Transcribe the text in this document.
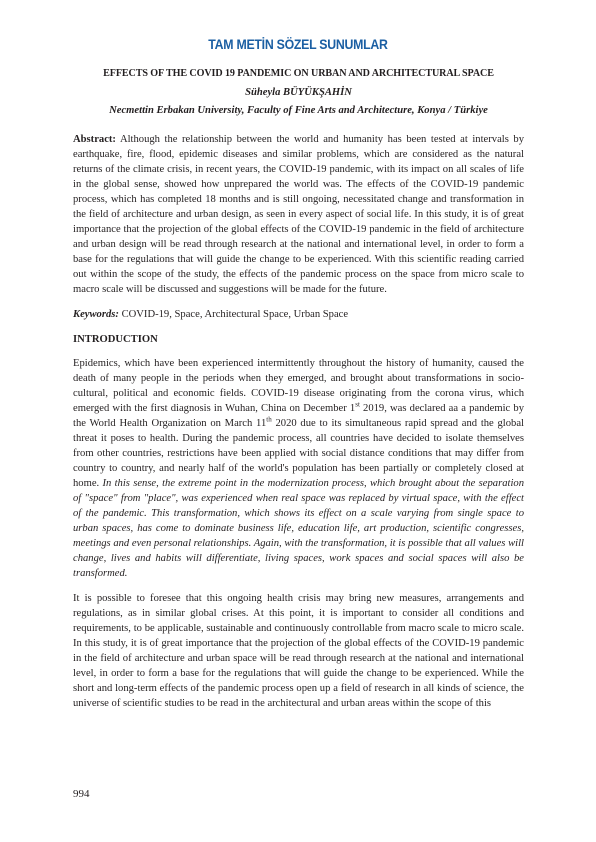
TAM METİN SÖZEL SUNUMLAR
EFFECTS OF THE COVID 19 PANDEMIC ON URBAN AND ARCHITECTURAL SPACE
Süheyla BÜYÜKŞAHİN
Necmettin Erbakan University, Faculty of Fine Arts and Architecture, Konya / Türkiye

Abstract: Although the relationship between the world and humanity has been tested at intervals by earthquake, fire, flood, epidemic diseases and similar problems, which are considered as the natural returns of the climate crisis, in recent years, the COVID-19 pandemic, with its impact on all scales of life in the global sense, showed how unprepared the world was. The effects of the COVID-19 pandemic process, which has completed 18 months and is still ongoing, necessitated change and transformation in the field of architecture and urban design, as seen in every aspect of social life. In this study, it is of great importance that the projection of the global effects of the COVID-19 pandemic in the field of architecture and urban design will be read through research at the national and international level, in order to form a base for the regulations that will guide the change to be experienced. With this scientific reading carried out within the scope of the study, the effects of the pandemic process on the space from micro scale to macro scale will be discussed and suggestions will be made for the future.

Keywords: COVID-19, Space, Architectural Space, Urban Space

INTRODUCTION

Epidemics, which have been experienced intermittently throughout the history of humanity, caused the death of many people in the periods when they emerged, and brought about transformations in socio-cultural, political and economic fields. COVID-19 disease originating from the corona virus, which emerged with the first diagnosis in Wuhan, China on December 1st 2019, was declared aa a pandemic by the World Health Organization on March 11th 2020 due to its simultaneous rapid spread and the global threat it poses to health. During the pandemic process, all countries have decided to isolate themselves from other countries, restrictions have been applied with social distance conditions that may differ from country to country, and nearly half of the world's population has been partially or completely closed at home. In this sense, the extreme point in the modernization process, which brought about the separation of "space" from "place", was experienced when real space was replaced by virtual space, with the effect of the pandemic. This transformation, which shows its effect on a scale varying from single space to urban spaces, has come to dominate business life, education life, art production, scientific congresses, meetings and even personal relationships. Again, with the transformation, it is possible that all values will change, lives and habits will differentiate, living spaces, work spaces and social spaces will also be transformed.

It is possible to foresee that this ongoing health crisis may bring new measures, arrangements and regulations, as in similar global crises. At this point, it is important to consider all conditions and requirements, to be applicable, sustainable and continuously controllable from macro scale to micro scale. In this study, it is of great importance that the projection of the global effects of the COVID-19 pandemic in the field of architecture and urban space will be read through research at the national and international level, in order to form a base for the regulations that will guide the change to be experienced. While the short and long-term effects of the pandemic process open up a field of research in all kinds of science, the universe of scientific studies to be read in the architectural and urban areas within the scope of this

994
